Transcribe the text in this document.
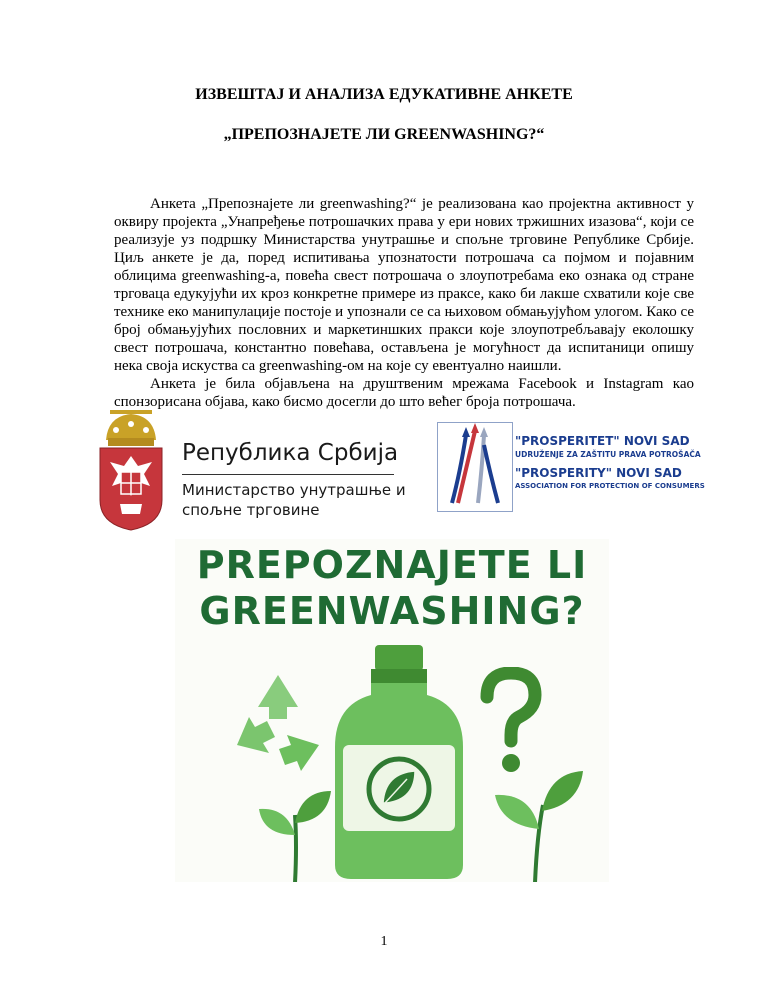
ИЗВЕШТАЈ И АНАЛИЗА ЕДУКАТИВНЕ АНКЕТЕ
„ПРЕПОЗНАЈЕТЕ ЛИ GREENWASHING?“

Анкета „Препознајете ли greenwashing?“ је реализована као пројектна активност у оквиру пројекта „Унапређење потрошачких права у ери нових тржишних изазова“, који се реализује уз подршку Министарства унутрашње и спољне трговине Републике Србије. Циљ анкете је да, поред испитивања упознатости потрошача са појмом и појавним облицима greenwashing-а, повећа свест потрошача о злоупотребама еко ознака од стране трговаца едукујући их кроз конкретне примере из праксе, како би лакше схватили које све технике еко манипулације постоје и упознали се са њиховом обмањујућом улогом. Како се број обмањујућих пословних и маркетиншких пракси које злоупотребљавају еколошку свест потрошача, константно повећава, остављена је могућност да испитаници опишу нека своја искуства са greenwashing-ом на које су евентуално наишли.

Анкета је била објављена на друштвеним мрежама Facebook и Instagram као спонзорисана објава, како бисмо досегли до што већег броја потрошача.

Република Србија
Министарство унутрашње и
спољне трговине
"PROSPERITET" NOVI SAD
UDRUŽENJE ZA ZAŠTITU PRAVA POTROŠAČA
"PROSPERITY" NOVI SAD
ASSOCIATION FOR PROTECTION OF CONSUMERS
PREPOZNAJETE LI
GREENWASHING?
1
